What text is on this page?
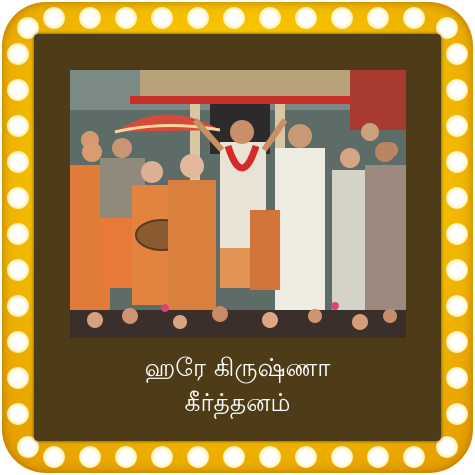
ஹரே கிருஷ்ணா
கீர்த்தனம்
